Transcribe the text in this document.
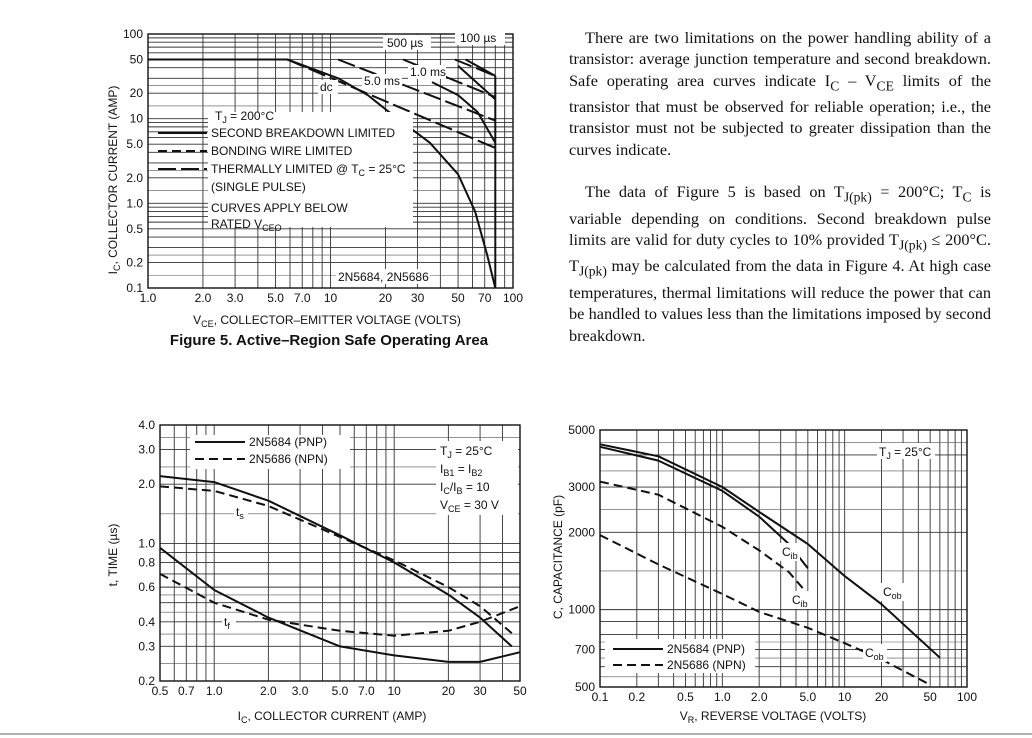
1.0	2.0 3.0 5.0 7.0 10	20 30 50 70 100
0.1
0.2
0.5
1.0
2.0
5.0
10
20
50
100
$T_J = 200^\circ C$
SECOND BREAKDOWN LIMITED
BONDING WIRE LIMITED
THERMALLY LIMITED @ $T_C = 25^\circ C$
(SINGLE PULSE)
CURVES APPLY BELOW
RATED $V_{CEO}$
100 µs
500 µs
1.0 ms
5.0 ms
dc
2N5684, 2N5686
$I_C$, COLLECTOR CURRENT (AMP)
$V_{CE}$, COLLECTOR–EMITTER VOLTAGE (VOLTS)
Figure 5. Active–Region Safe Operating Area

There are two limitations on the power handling ability of a transistor: average junction temperature and second breakdown. Safe operating area curves indicate $I_C - V_{CE}$ limits of the transistor that must be observed for reliable operation; i.e., the transistor must not be subjected to greater dissipation than the curves indicate.

The data of Figure 5 is based on $T_{J(pk)} = 200^\circ C$; $T_C$ is variable depending on conditions. Second breakdown pulse limits are valid for duty cycles to 10% provided $T_{J(pk)} \le 200^\circ C$. $T_{J(pk)}$ may be calculated from the data in Figure 4. At high case temperatures, thermal limitations will reduce the power that can be handled to values less than the limitations imposed by second breakdown.

0.5 0.7 1.0	2.0 3.0 5.0 7.0 10	20 30 50
0.2
0.3
0.4
0.6
0.8
1.0
2.0
3.0
4.0
2N5684 (PNP)
2N5686 (NPN)
$T_J = 25^\circ C$
$I_{B1} = I_{B2}$
$I_C/I_B = 10$
$V_{CE} = 30$ V
$t_s$
$t_f$
t, TIME (µs)
$I_C$, COLLECTOR CURRENT (AMP)
0.1 0.2	0.5 1.0 2.0	5.0 10 20	50 100
500
700
1000
2000
3000
5000
$T_J = 25^\circ C$
2N5684 (PNP)
2N5686 (NPN)
$C_{ib}$
$C_{ib}$
$C_{ob}$
$C_{ob}$
C, CAPACITANCE (pF)
$V_R$, REVERSE VOLTAGE (VOLTS)
